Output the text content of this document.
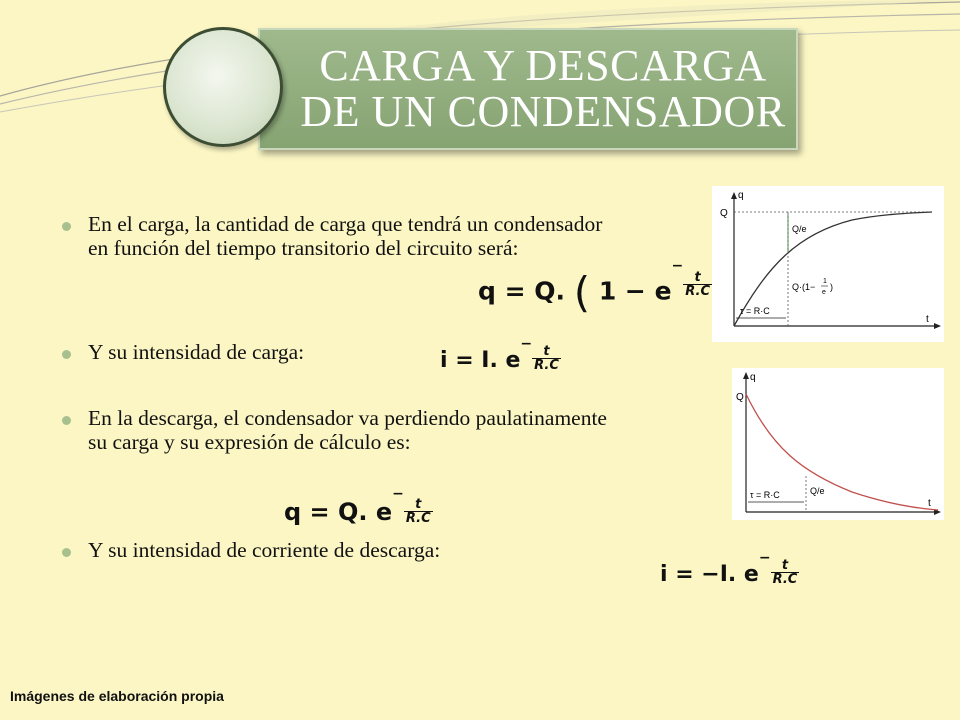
CARGA Y DESCARGA
DE UN CONDENSADOR
En el carga, la cantidad de carga que tendrá un condensador en función del tiempo transitorio del circuito será:
Y su intensidad de carga:
En la descarga, el condensador va perdiendo paulatinamente su carga y su expresión de cálculo es:
Y su intensidad de corriente de descarga:
q = Q. ( 1 − e−
$\frac{t}{R.C}$ )
i = I. e−
$\frac{t}{R.C}$
q = Q. e−
$\frac{t}{R.C}$
i = −I. e−
$\frac{t}{R.C}$
q
t
Q
Q/e
Q·(1−
1
e
)
τ = R·C
q
t
Q
τ = R·C	Q/e
Imágenes de elaboración propia
